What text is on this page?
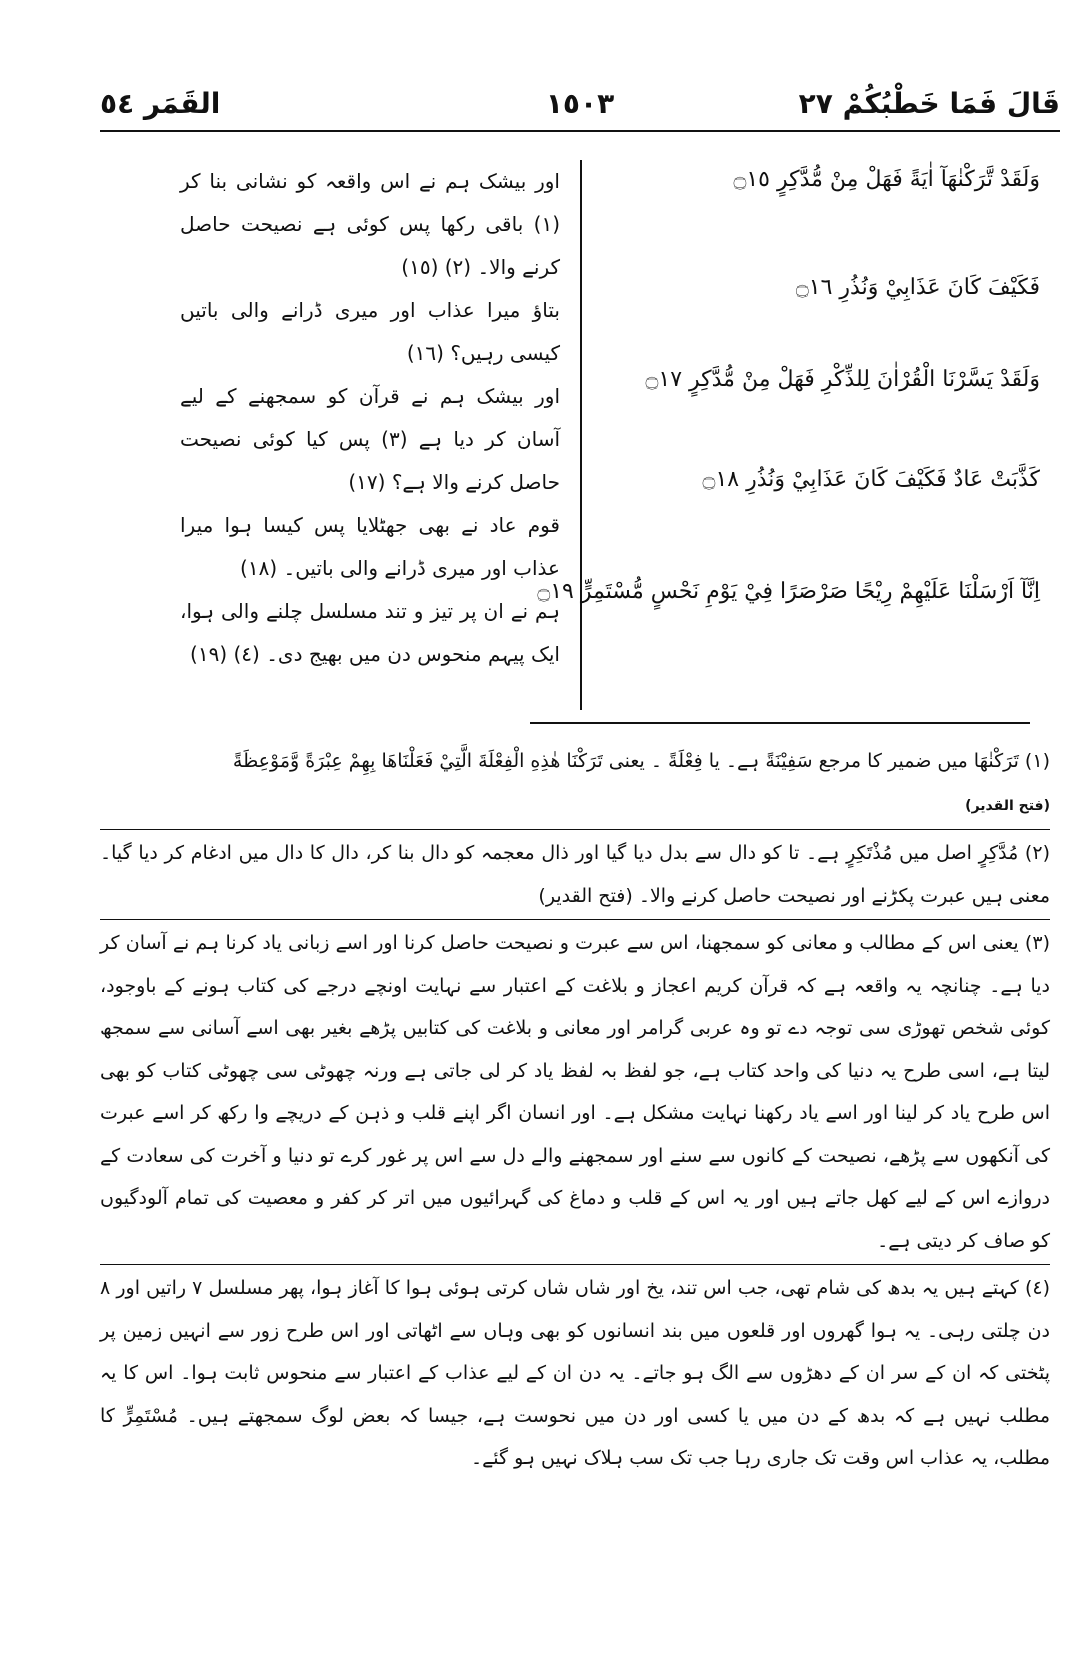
القَمَر ٥٤	١٥٠٣	قَالَ فَمَا خَطْبُكُمْ ٢٧
وَلَقَدْ تَّرَكْنٰهَآ اٰيَةً فَهَلْ مِنْ مُّدَّكِرٍ ۝١٥
فَكَيْفَ كَانَ عَذَابِيْ وَنُذُرِ ۝١٦
وَلَقَدْ يَسَّرْنَا الْقُرْاٰنَ لِلذِّكْرِ فَهَلْ مِنْ مُّدَّكِرٍ ۝١٧
كَذَّبَتْ عَادٌ فَكَيْفَ كَانَ عَذَابِيْ وَنُذُرِ ۝١٨
اِنَّآ اَرْسَلْنَا عَلَيْهِمْ رِيْحًا صَرْصَرًا فِيْ يَوْمِ نَحْسٍ مُّسْتَمِرٍّ ۝١٩

اور بیشک ہم نے اس واقعہ کو نشانی بنا کر (١) باقی رکھا پس کوئی ہے نصیحت حاصل کرنے والا۔ (٢) (١٥)

بتاؤ میرا عذاب اور میری ڈرانے والی باتیں کیسی رہیں؟ (١٦)

اور بیشک ہم نے قرآن کو سمجھنے کے لیے آسان کر دیا ہے (٣) پس کیا کوئی نصیحت حاصل کرنے والا ہے؟ (١٧)

قوم عاد نے بھی جھٹلایا پس کیسا ہوا میرا عذاب اور میری ڈرانے والی باتیں۔ (١٨)

ہم نے ان پر تیز و تند مسلسل چلنے والی ہوا، ایک پیہم منحوس دن میں بھیج دی۔ (٤) (١٩)

(١) تَرَكْنٰهَا میں ضمیر کا مرجع سَفِيْنَةً ہے۔ یا فِعْلَةً ۔ یعنی تَرَكْنَا هٰذِهِ الْفِعْلَةَ الَّتِيْ فَعَلْنَاهَا بِهِمْ عِبْرَةً وَّمَوْعِظَةً

(فتح القدیر)

(٢) مُدَّكِرٍ اصل میں مُذْتَكِرٍ ہے۔ تا کو دال سے بدل دیا گیا اور ذال معجمہ کو دال بنا کر، دال کا دال میں ادغام کر دیا گیا۔ معنی ہیں عبرت پکڑنے اور نصیحت حاصل کرنے والا۔ (فتح القدیر)

(٣) یعنی اس کے مطالب و معانی کو سمجھنا، اس سے عبرت و نصیحت حاصل کرنا اور اسے زبانی یاد کرنا ہم نے آسان کر دیا ہے۔ چنانچہ یہ واقعہ ہے کہ قرآن کریم اعجاز و بلاغت کے اعتبار سے نہایت اونچے درجے کی کتاب ہونے کے باوجود، کوئی شخص تھوڑی سی توجہ دے تو وہ عربی گرامر اور معانی و بلاغت کی کتابیں پڑھے بغیر بھی اسے آسانی سے سمجھ لیتا ہے، اسی طرح یہ دنیا کی واحد کتاب ہے، جو لفظ بہ لفظ یاد کر لی جاتی ہے ورنہ چھوٹی سی چھوٹی کتاب کو بھی اس طرح یاد کر لینا اور اسے یاد رکھنا نہایت مشکل ہے۔ اور انسان اگر اپنے قلب و ذہن کے دریچے وا رکھ کر اسے عبرت کی آنکھوں سے پڑھے، نصیحت کے کانوں سے سنے اور سمجھنے والے دل سے اس پر غور کرے تو دنیا و آخرت کی سعادت کے دروازے اس کے لیے کھل جاتے ہیں اور یہ اس کے قلب و دماغ کی گہرائیوں میں اتر کر کفر و معصیت کی تمام آلودگیوں کو صاف کر دیتی ہے۔

(٤) کہتے ہیں یہ بدھ کی شام تھی، جب اس تند، یخ اور شاں شاں کرتی ہوئی ہوا کا آغاز ہوا، پھر مسلسل ٧ راتیں اور ٨ دن چلتی رہی۔ یہ ہوا گھروں اور قلعوں میں بند انسانوں کو بھی وہاں سے اٹھاتی اور اس طرح زور سے انہیں زمین پر پٹختی کہ ان کے سر ان کے دھڑوں سے الگ ہو جاتے۔ یہ دن ان کے لیے عذاب کے اعتبار سے منحوس ثابت ہوا۔ اس کا یہ مطلب نہیں ہے کہ بدھ کے دن میں یا کسی اور دن میں نحوست ہے، جیسا کہ بعض لوگ سمجھتے ہیں۔ مُسْتَمِرٍّ کا مطلب، یہ عذاب اس وقت تک جاری رہا جب تک سب ہلاک نہیں ہو گئے۔
